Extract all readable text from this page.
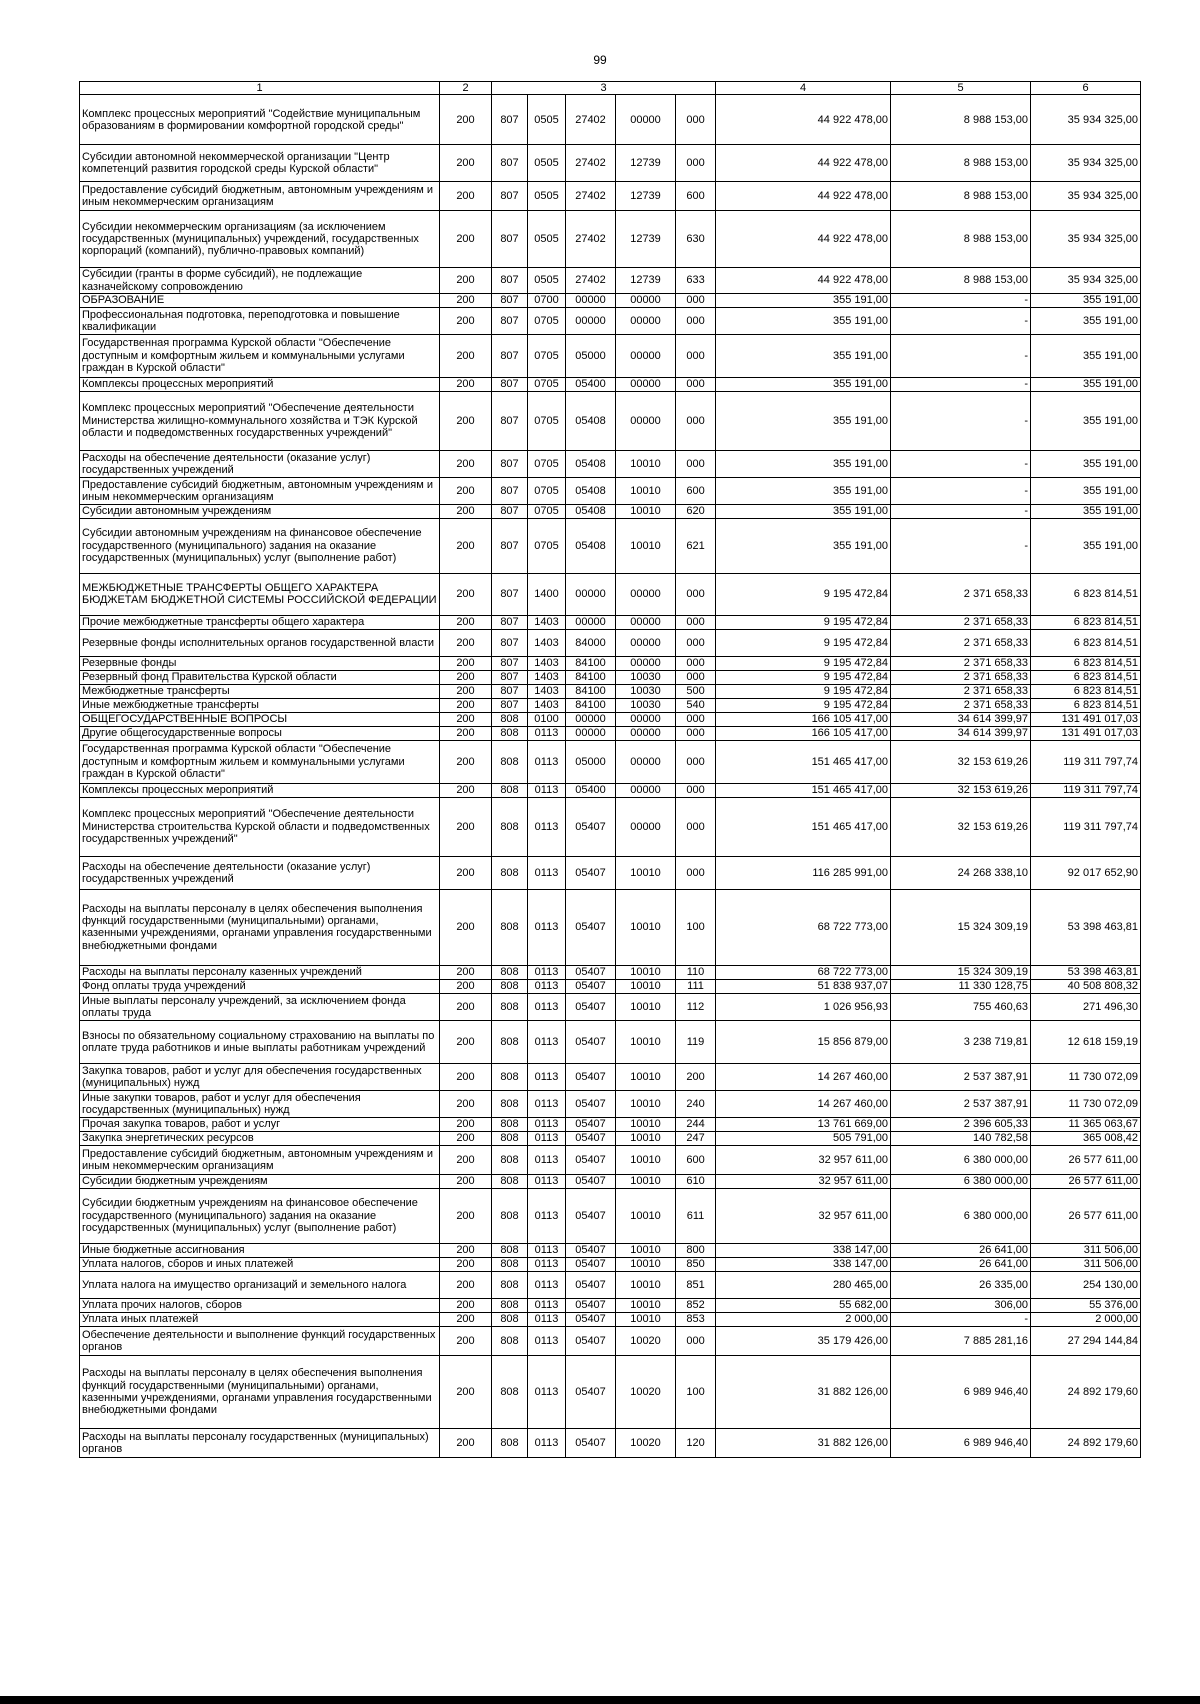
99
1	2	3					4	5	6
Комплекс процессных мероприятий "Содействие муниципальным образованиям в формировании комфортной городской среды"	200	807	0505	27402	00000	000	44 922 478,00	8 988 153,00	35 934 325,00
Субсидии автономной некоммерческой организации "Центр компетенций развития городской среды Курской области"	200	807	0505	27402	12739	000	44 922 478,00	8 988 153,00	35 934 325,00
Предоставление субсидий бюджетным, автономным учреждениям и иным некоммерческим организациям	200	807	0505	27402	12739	600	44 922 478,00	8 988 153,00	35 934 325,00
Субсидии некоммерческим организациям (за исключением государственных (муниципальных) учреждений, государственных корпораций (компаний), публично-правовых компаний)	200	807	0505	27402	12739	630	44 922 478,00	8 988 153,00	35 934 325,00
Субсидии (гранты в форме субсидий), не подлежащие казначейскому сопровождению	200	807	0505	27402	12739	633	44 922 478,00	8 988 153,00	35 934 325,00
ОБРАЗОВАНИЕ	200	807	0700	00000	00000	000	355 191,00	-	355 191,00
Профессиональная подготовка, переподготовка и повышение квалификации	200	807	0705	00000	00000	000	355 191,00	-	355 191,00
Государственная программа Курской области "Обеспечение доступным и комфортным жильем и коммунальными услугами граждан в Курской области"	200	807	0705	05000	00000	000	355 191,00	-	355 191,00
Комплексы процессных мероприятий	200	807	0705	05400	00000	000	355 191,00	-	355 191,00
Комплекс процессных мероприятий "Обеспечение деятельности Министерства жилищно-коммунального хозяйства и ТЭК Курской области и подведомственных государственных учреждений"	200	807	0705	05408	00000	000	355 191,00	-	355 191,00
Расходы на обеспечение деятельности (оказание услуг) государственных учреждений	200	807	0705	05408	10010	000	355 191,00	-	355 191,00
Предоставление субсидий бюджетным, автономным учреждениям и иным некоммерческим организациям	200	807	0705	05408	10010	600	355 191,00	-	355 191,00
Субсидии автономным учреждениям	200	807	0705	05408	10010	620	355 191,00	-	355 191,00
Субсидии автономным учреждениям на финансовое обеспечение государственного (муниципального) задания на оказание государственных (муниципальных) услуг (выполнение работ)	200	807	0705	05408	10010	621	355 191,00	-	355 191,00
МЕЖБЮДЖЕТНЫЕ ТРАНСФЕРТЫ ОБЩЕГО ХАРАКТЕРА БЮДЖЕТАМ БЮДЖЕТНОЙ СИСТЕМЫ РОССИЙСКОЙ ФЕДЕРАЦИИ	200	807	1400	00000	00000	000	9 195 472,84	2 371 658,33	6 823 814,51
Прочие межбюджетные трансферты общего характера	200	807	1403	00000	00000	000	9 195 472,84	2 371 658,33	6 823 814,51
Резервные фонды исполнительных органов государственной власти	200	807	1403	84000	00000	000	9 195 472,84	2 371 658,33	6 823 814,51
Резервные фонды	200	807	1403	84100	00000	000	9 195 472,84	2 371 658,33	6 823 814,51
Резервный фонд Правительства Курской области	200	807	1403	84100	10030	000	9 195 472,84	2 371 658,33	6 823 814,51
Межбюджетные трансферты	200	807	1403	84100	10030	500	9 195 472,84	2 371 658,33	6 823 814,51
Иные межбюджетные трансферты	200	807	1403	84100	10030	540	9 195 472,84	2 371 658,33	6 823 814,51
ОБЩЕГОСУДАРСТВЕННЫЕ ВОПРОСЫ	200	808	0100	00000	00000	000	166 105 417,00	34 614 399,97	131 491 017,03
Другие общегосударственные вопросы	200	808	0113	00000	00000	000	166 105 417,00	34 614 399,97	131 491 017,03
Государственная программа Курской области "Обеспечение доступным и комфортным жильем и коммунальными услугами граждан в Курской области"	200	808	0113	05000	00000	000	151 465 417,00	32 153 619,26	119 311 797,74
Комплексы процессных мероприятий	200	808	0113	05400	00000	000	151 465 417,00	32 153 619,26	119 311 797,74
Комплекс процессных мероприятий "Обеспечение деятельности Министерства строительства Курской области и подведомственных государственных учреждений"	200	808	0113	05407	00000	000	151 465 417,00	32 153 619,26	119 311 797,74
Расходы на обеспечение деятельности (оказание услуг) государственных учреждений	200	808	0113	05407	10010	000	116 285 991,00	24 268 338,10	92 017 652,90
Расходы на выплаты персоналу в целях обеспечения выполнения функций государственными (муниципальными) органами, казенными учреждениями, органами управления государственными внебюджетными фондами	200	808	0113	05407	10010	100	68 722 773,00	15 324 309,19	53 398 463,81
Расходы на выплаты персоналу казенных учреждений	200	808	0113	05407	10010	110	68 722 773,00	15 324 309,19	53 398 463,81
Фонд оплаты труда учреждений	200	808	0113	05407	10010	111	51 838 937,07	11 330 128,75	40 508 808,32
Иные выплаты персоналу учреждений, за исключением фонда оплаты труда	200	808	0113	05407	10010	112	1 026 956,93	755 460,63	271 496,30
Взносы по обязательному социальному страхованию на выплаты по оплате труда работников и иные выплаты работникам учреждений	200	808	0113	05407	10010	119	15 856 879,00	3 238 719,81	12 618 159,19
Закупка товаров, работ и услуг для обеспечения государственных (муниципальных) нужд	200	808	0113	05407	10010	200	14 267 460,00	2 537 387,91	11 730 072,09
Иные закупки товаров, работ и услуг для обеспечения государственных (муниципальных) нужд	200	808	0113	05407	10010	240	14 267 460,00	2 537 387,91	11 730 072,09
Прочая закупка товаров, работ и услуг	200	808	0113	05407	10010	244	13 761 669,00	2 396 605,33	11 365 063,67
Закупка энергетических ресурсов	200	808	0113	05407	10010	247	505 791,00	140 782,58	365 008,42
Предоставление субсидий бюджетным, автономным учреждениям и иным некоммерческим организациям	200	808	0113	05407	10010	600	32 957 611,00	6 380 000,00	26 577 611,00
Субсидии бюджетным учреждениям	200	808	0113	05407	10010	610	32 957 611,00	6 380 000,00	26 577 611,00
Субсидии бюджетным учреждениям на финансовое обеспечение государственного (муниципального) задания на оказание государственных (муниципальных) услуг (выполнение работ)	200	808	0113	05407	10010	611	32 957 611,00	6 380 000,00	26 577 611,00
Иные бюджетные ассигнования	200	808	0113	05407	10010	800	338 147,00	26 641,00	311 506,00
Уплата налогов, сборов и иных платежей	200	808	0113	05407	10010	850	338 147,00	26 641,00	311 506,00
Уплата налога на имущество организаций и земельного налога	200	808	0113	05407	10010	851	280 465,00	26 335,00	254 130,00
Уплата прочих налогов, сборов	200	808	0113	05407	10010	852	55 682,00	306,00	55 376,00
Уплата иных платежей	200	808	0113	05407	10010	853	2 000,00	-	2 000,00
Обеспечение деятельности и выполнение функций государственных органов	200	808	0113	05407	10020	000	35 179 426,00	7 885 281,16	27 294 144,84
Расходы на выплаты персоналу в целях обеспечения выполнения функций государственными (муниципальными) органами, казенными учреждениями, органами управления государственными внебюджетными фондами	200	808	0113	05407	10020	100	31 882 126,00	6 989 946,40	24 892 179,60
Расходы на выплаты персоналу государственных (муниципальных) органов	200	808	0113	05407	10020	120	31 882 126,00	6 989 946,40	24 892 179,60
